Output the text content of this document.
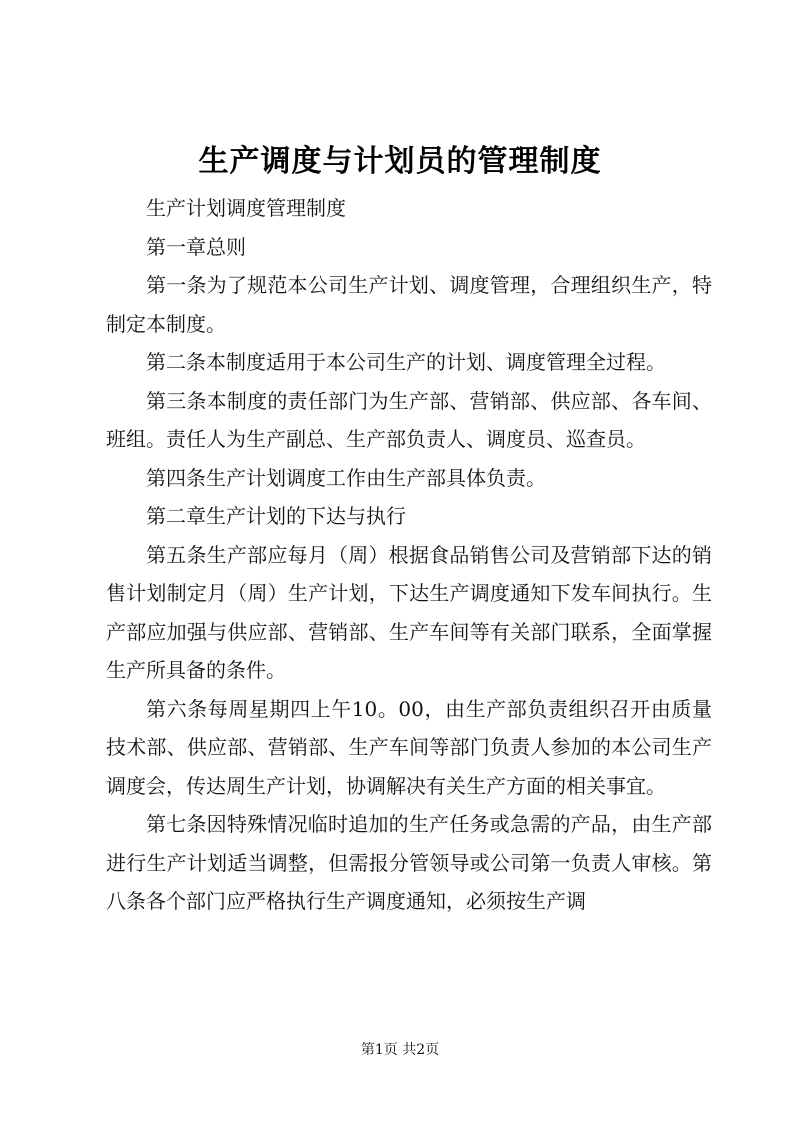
生产调度与计划员的管理制度

生产计划调度管理制度

第一章总则

第一条为了规范本公司生产计划、调度管理，合理组织生产，特制定本制度。

第二条本制度适用于本公司生产的计划、调度管理全过程。

第三条本制度的责任部门为生产部、营销部、供应部、各车间、班组。责任人为生产副总、生产部负责人、调度员、巡查员。

第四条生产计划调度工作由生产部具体负责。

第二章生产计划的下达与执行

第五条生产部应每月（周）根据食品销售公司及营销部下达的销售计划制定月（周）生产计划，下达生产调度通知下发车间执行。生产部应加强与供应部、营销部、生产车间等有关部门联系，全面掌握生产所具备的条件。

第六条每周星期四上午10。00，由生产部负责组织召开由质量技术部、供应部、营销部、生产车间等部门负责人参加的本公司生产调度会，传达周生产计划，协调解决有关生产方面的相关事宜。

第七条因特殊情况临时追加的生产任务或急需的产品，由生产部进行生产计划适当调整，但需报分管领导或公司第一负责人审核。第八条各个部门应严格执行生产调度通知，必须按生产调

第1页 共2页
